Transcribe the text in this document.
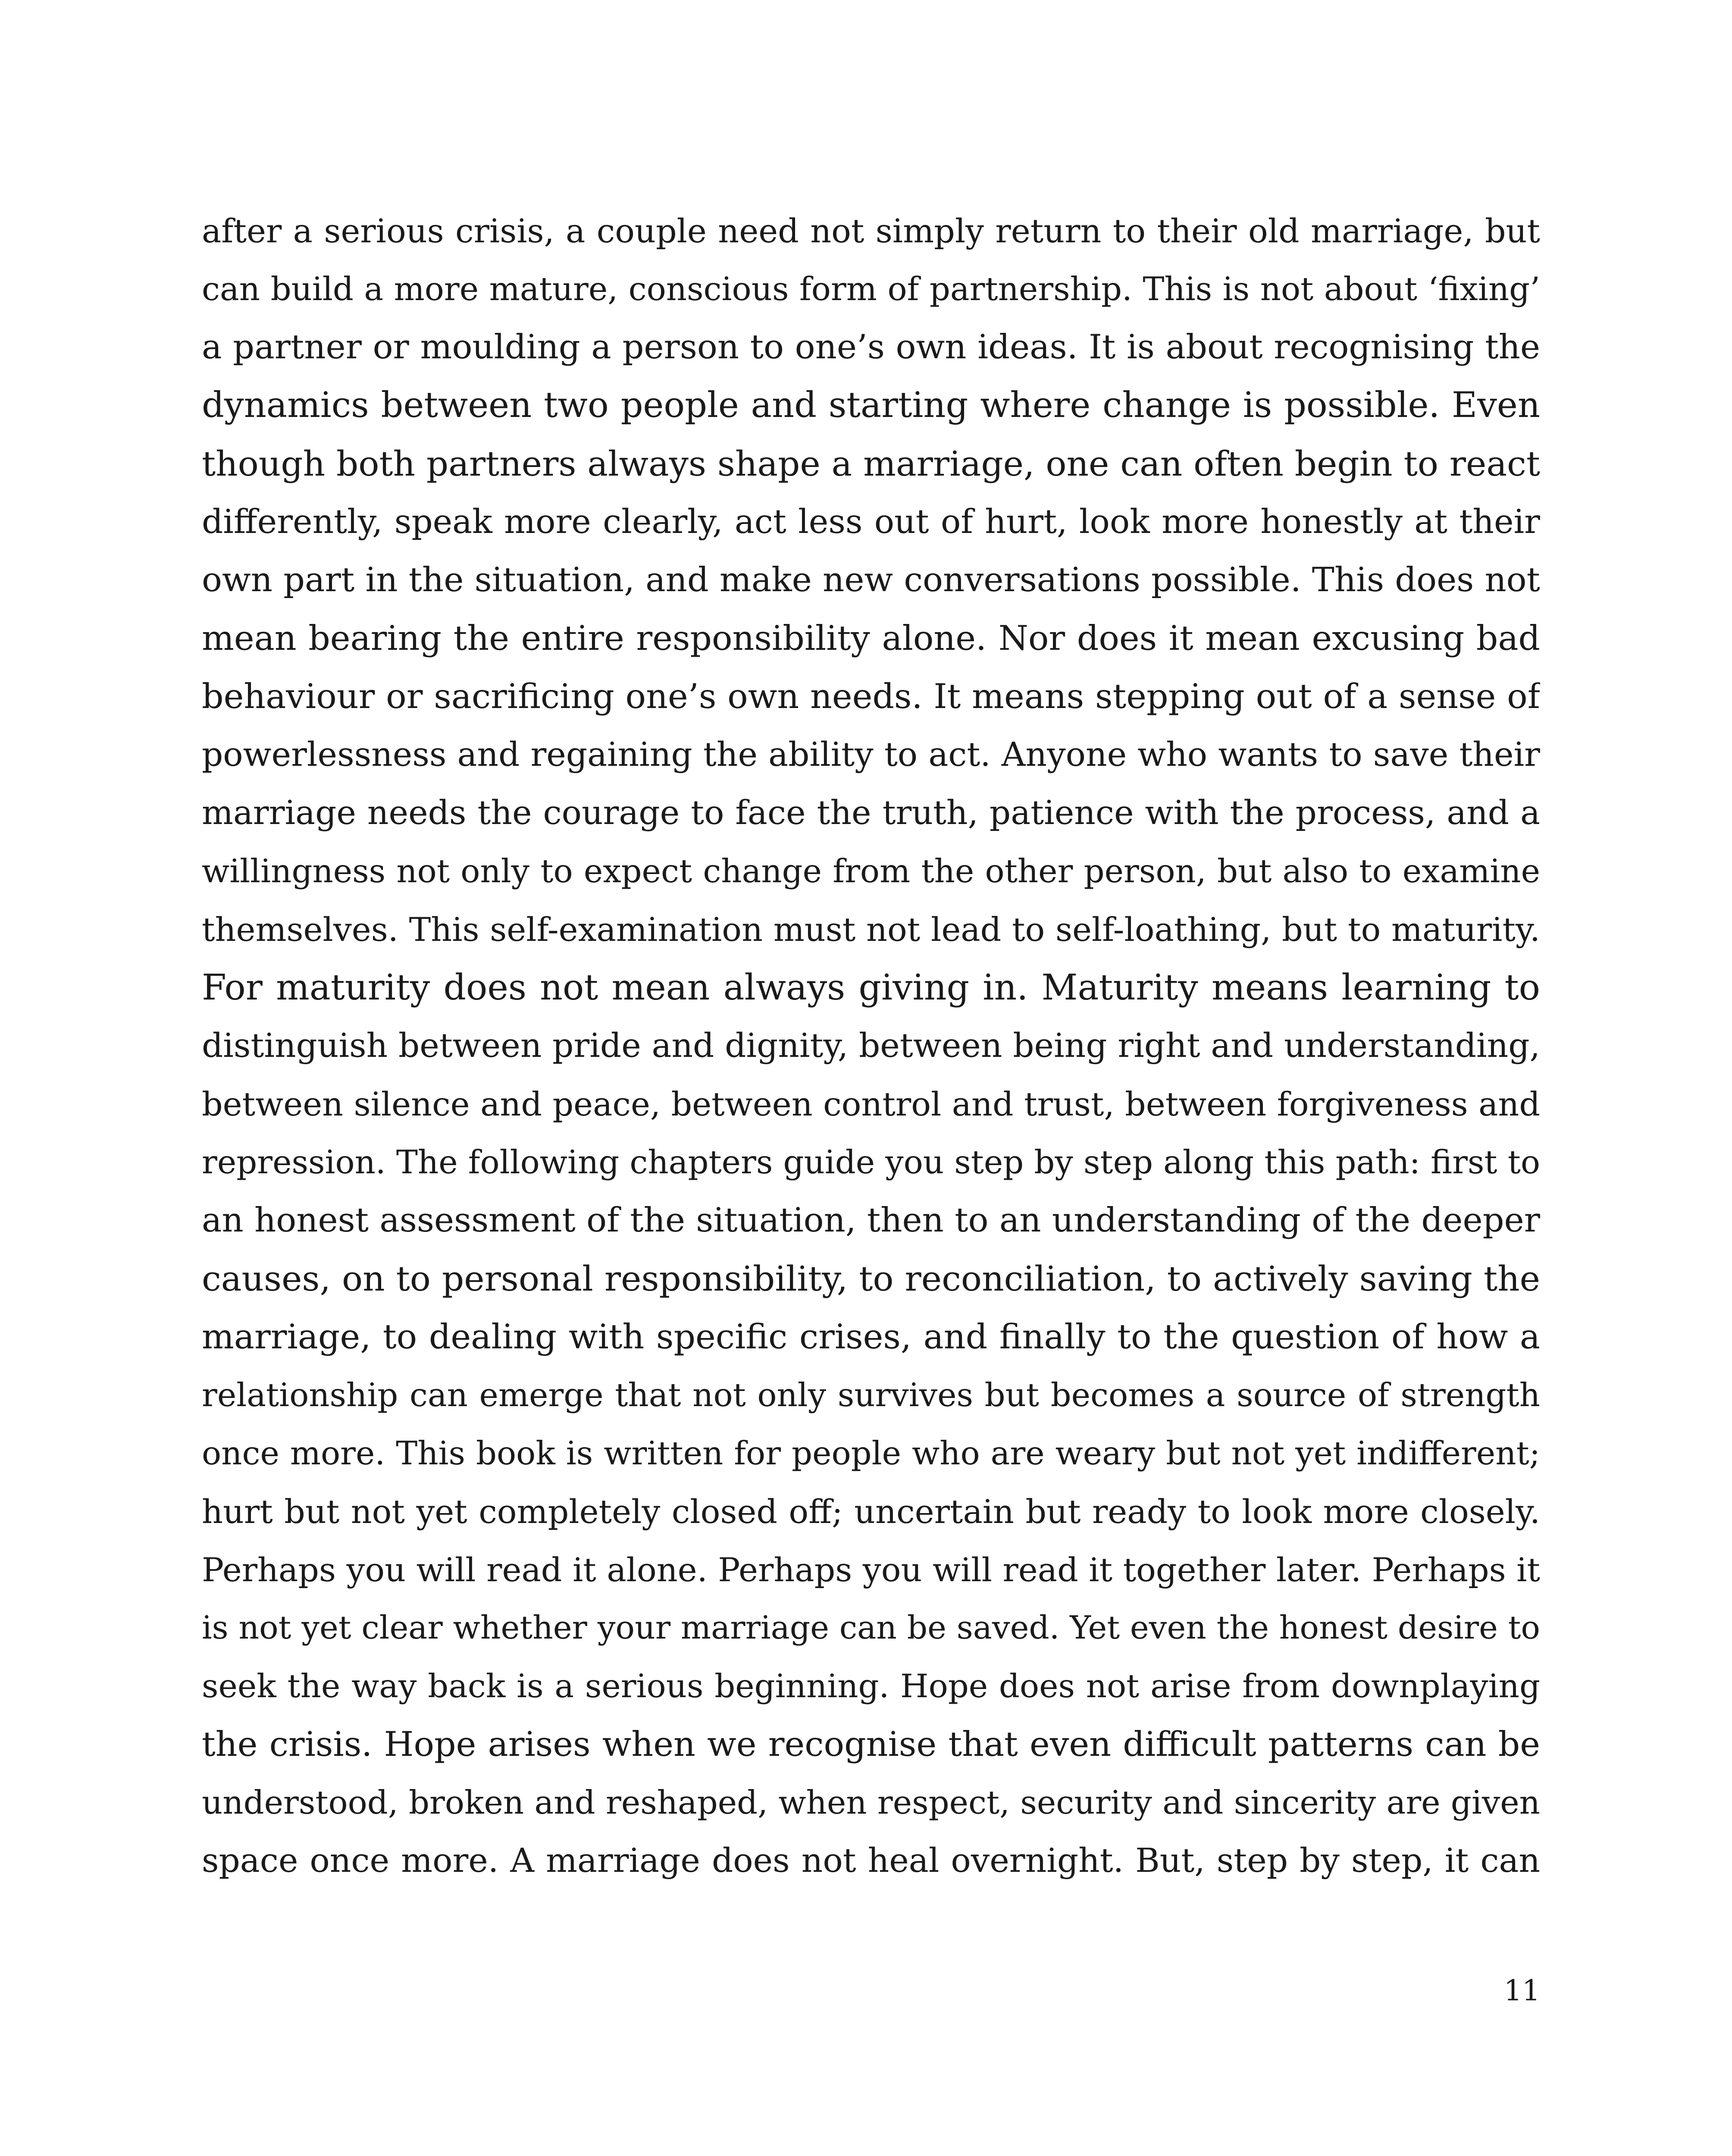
after a serious crisis, a couple need not simply return to their old marriage, but
can build a more mature, conscious form of partnership. This is not about ‘fixing’
a partner or moulding a person to one’s own ideas. It is about recognising the
dynamics between two people and starting where change is possible. Even
though both partners always shape a marriage, one can often begin to react
differently, speak more clearly, act less out of hurt, look more honestly at their
own part in the situation, and make new conversations possible. This does not
mean bearing the entire responsibility alone. Nor does it mean excusing bad
behaviour or sacrificing one’s own needs. It means stepping out of a sense of
powerlessness and regaining the ability to act. Anyone who wants to save their
marriage needs the courage to face the truth, patience with the process, and a
willingness not only to expect change from the other person, but also to examine
themselves. This self-examination must not lead to self-loathing, but to maturity.
For maturity does not mean always giving in. Maturity means learning to
distinguish between pride and dignity, between being right and understanding,
between silence and peace, between control and trust, between forgiveness and
repression. The following chapters guide you step by step along this path: first to
an honest assessment of the situation, then to an understanding of the deeper
causes, on to personal responsibility, to reconciliation, to actively saving the
marriage, to dealing with specific crises, and finally to the question of how a
relationship can emerge that not only survives but becomes a source of strength
once more. This book is written for people who are weary but not yet indifferent;
hurt but not yet completely closed off; uncertain but ready to look more closely.
Perhaps you will read it alone. Perhaps you will read it together later. Perhaps it
is not yet clear whether your marriage can be saved. Yet even the honest desire to
seek the way back is a serious beginning. Hope does not arise from downplaying
the crisis. Hope arises when we recognise that even difficult patterns can be
understood, broken and reshaped, when respect, security and sincerity are given
space once more. A marriage does not heal overnight. But, step by step, it can
11
